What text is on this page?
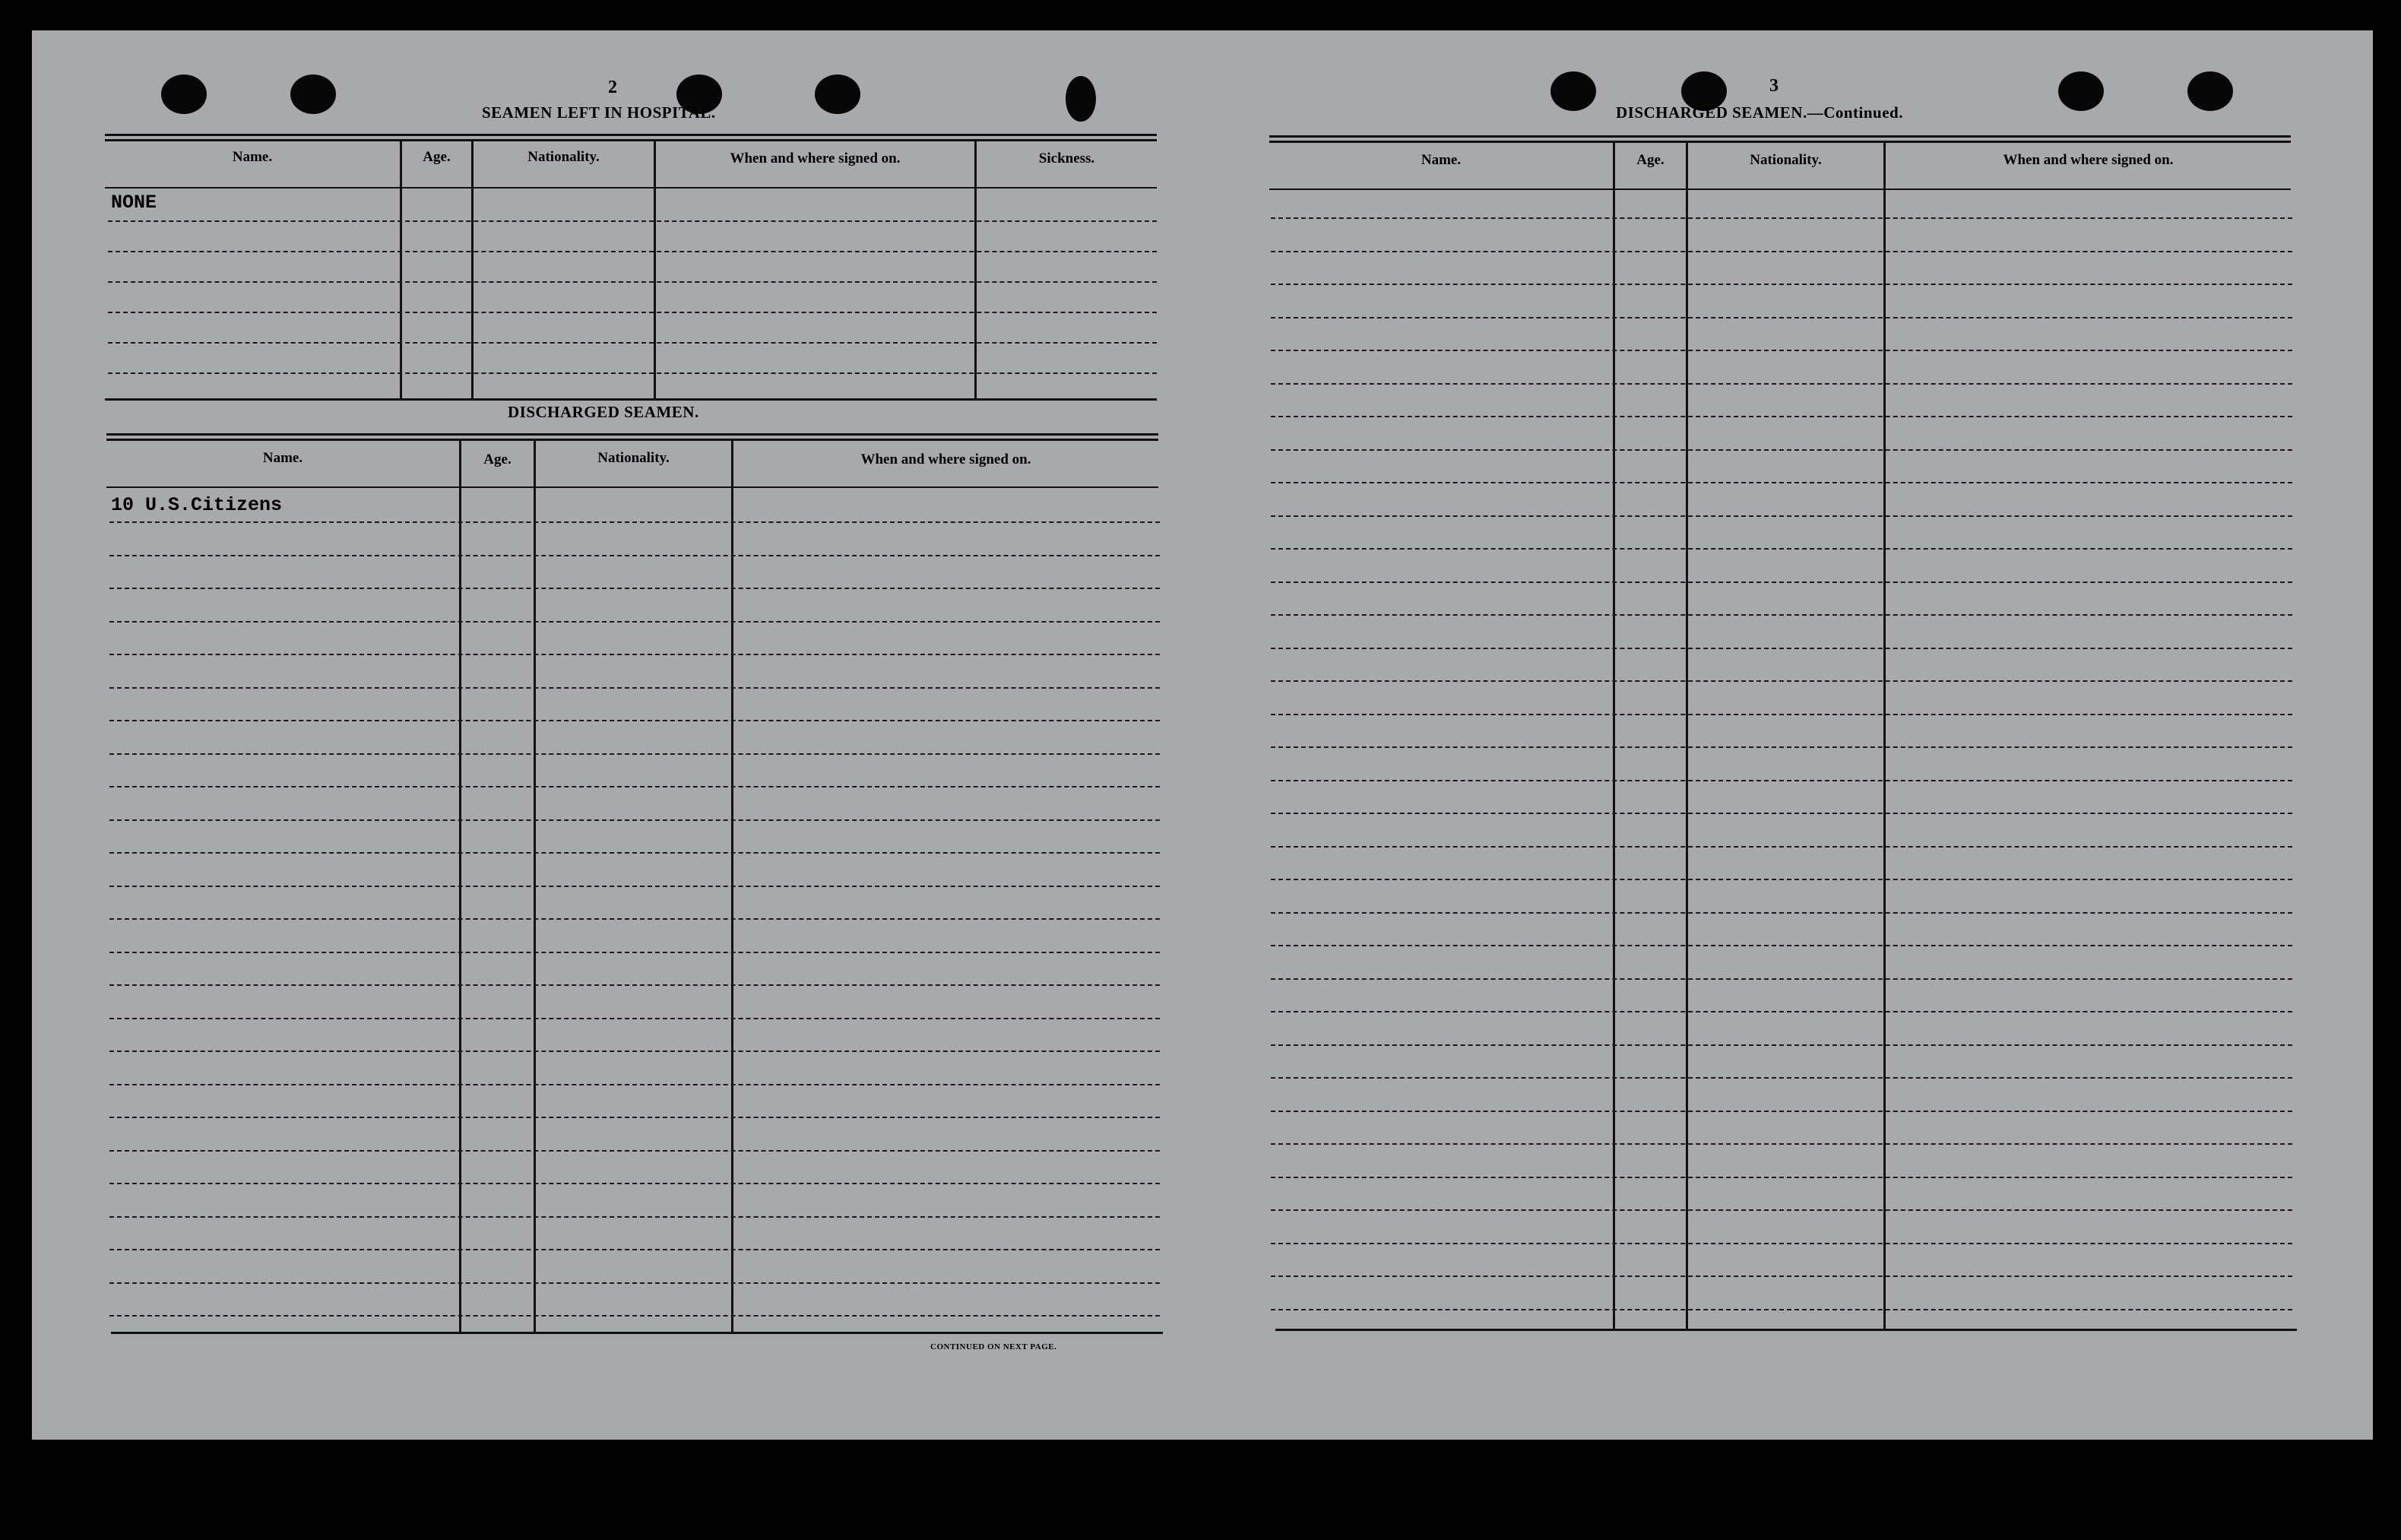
2
SEAMEN LEFT IN HOSPITAL.
Name.	Age.	Nationality.	When and where signed on.	Sickness.
NONE
DISCHARGED SEAMEN.
Name.	Age.	Nationality.	When and where signed on.
10 U.S.Citizens
CONTINUED ON NEXT PAGE.
3
DISCHARGED SEAMEN.—Continued.
Name.	Age.	Nationality.	When and where signed on.
